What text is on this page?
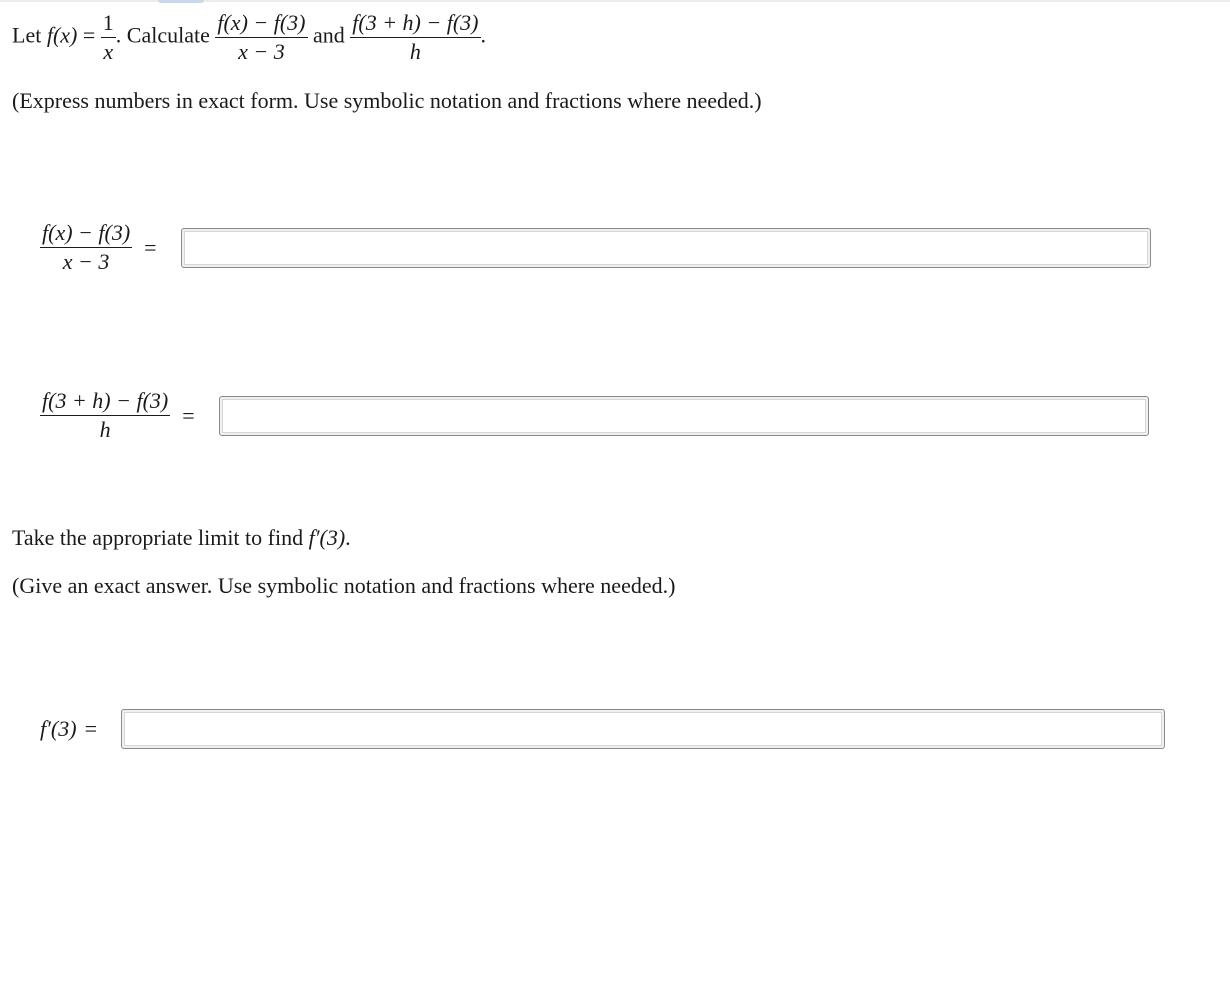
Let $f(x) = \frac{1}{x}$ . Calculate $\frac{f(x) - f(3)}{x - 3}$ and $\frac{f(3 + h) - f(3)}{h}$ .
(Express numbers in exact form. Use symbolic notation and fractions where needed.)
$\frac{f(x) - f(3)}{x - 3}$ =
$\frac{f(3 + h) - f(3)}{h}$ =
Take the appropriate limit to find f′(3).
(Give an exact answer. Use symbolic notation and fractions where needed.)
f′(3) =
